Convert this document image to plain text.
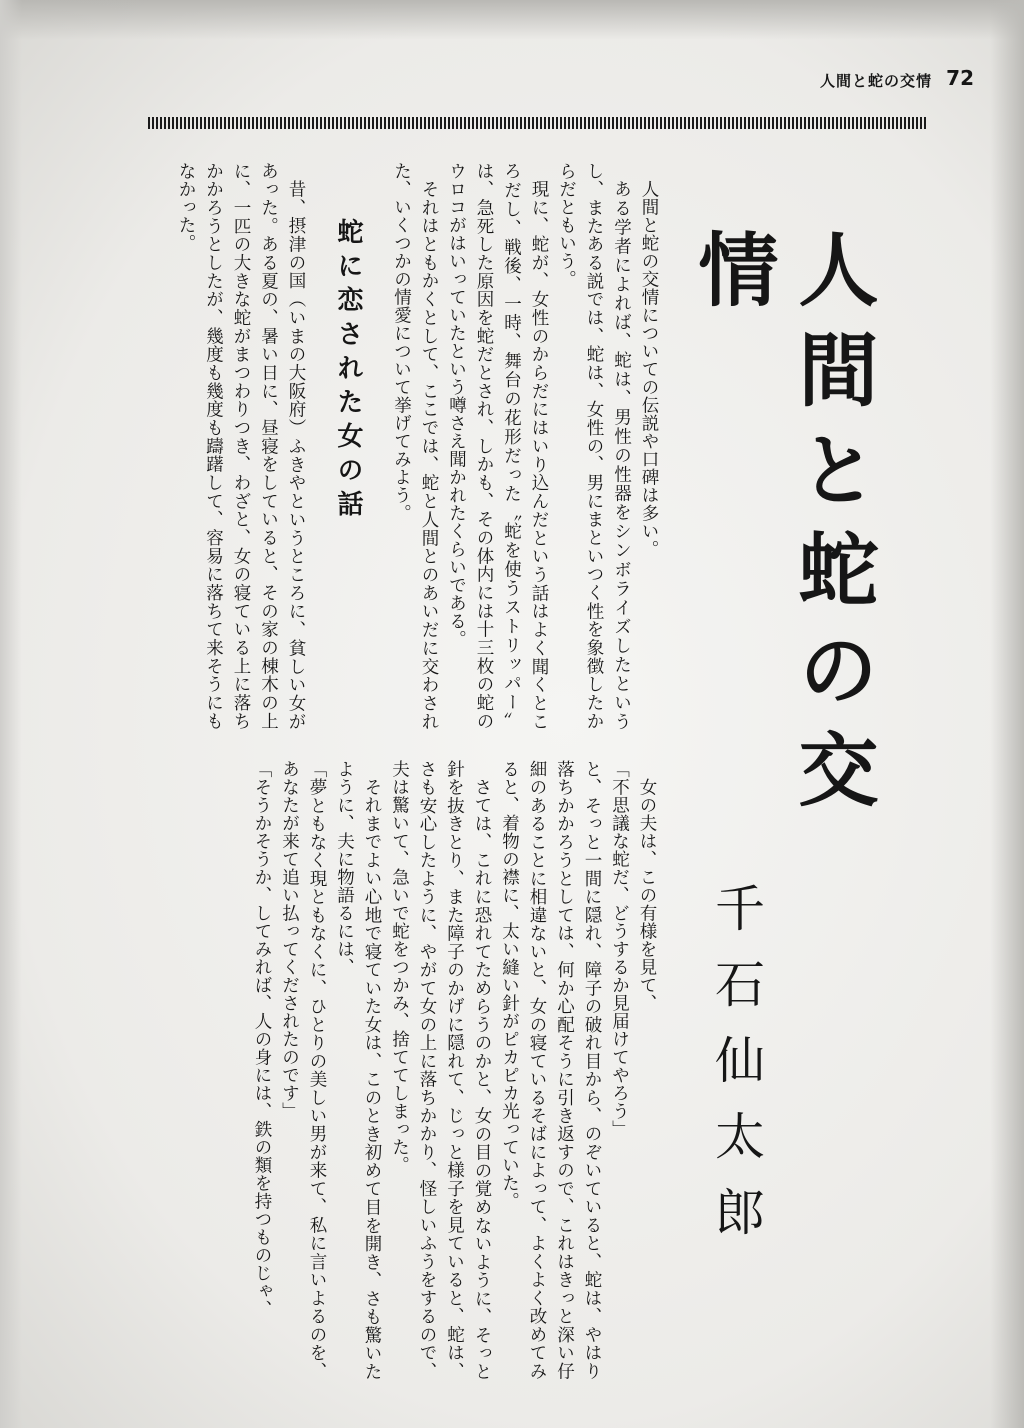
人間と蛇の交情 72
人間と蛇の交情
千石仙太郎

人間と蛇の交情についての伝説や口碑は多い。

ある学者によれば、蛇は、男性の性器をシンボライズしたというし、またある説では、蛇は、女性の、男にまといつく性を象徴したからだともいう。

現に、蛇が、女性のからだにはいり込んだという話はよく聞くところだし、戦後、一時、舞台の花形だった〝蛇を使うストリッパー〟は、急死した原因を蛇だとされ、しかも、その体内には十三枚の蛇のウロコがはいっていたという噂さえ聞かれたくらいである。

それはともかくとして、ここでは、蛇と人間とのあいだに交わされた、いくつかの情愛について挙げてみよう。

蛇に恋された女の話

昔、摂津の国（いまの大阪府）ふきやというところに、貧しい女があった。ある夏の、暑い日に、昼寝をしていると、その家の棟木の上に、一匹の大きな蛇がまつわりつき、わざと、女の寝ている上に落ちかかろうとしたが、幾度も幾度も躊躇して、容易に落ちて来そうにもなかった。

女の夫は、この有様を見て、

「不思議な蛇だ、どうするか見届けてやろう」

と、そっと一間に隠れ、障子の破れ目から、のぞいていると、蛇は、やはり落ちかかろうとしては、何か心配そうに引き返すので、これはきっと深い仔細のあることに相違ないと、女の寝ているそばによって、よくよく改めてみると、着物の襟に、太い縫い針がピカピカ光っていた。

さては、これに恐れてためらうのかと、女の目の覚めないように、そっと針を抜きとり、また障子のかげに隠れて、じっと様子を見ていると、蛇は、さも安心したように、やがて女の上に落ちかかり、怪しいふうをするので、夫は驚いて、急いで蛇をつかみ、捨ててしまった。

それまでよい心地で寝ていた女は、このとき初めて目を開き、さも驚いたように、夫に物語るには、

「夢ともなく現ともなくに、ひとりの美しい男が来て、私に言いよるのを、あなたが来て追い払ってくだされたのです」

「そうかそうか、してみれば、人の身には、鉄の類を持つものじゃ、
